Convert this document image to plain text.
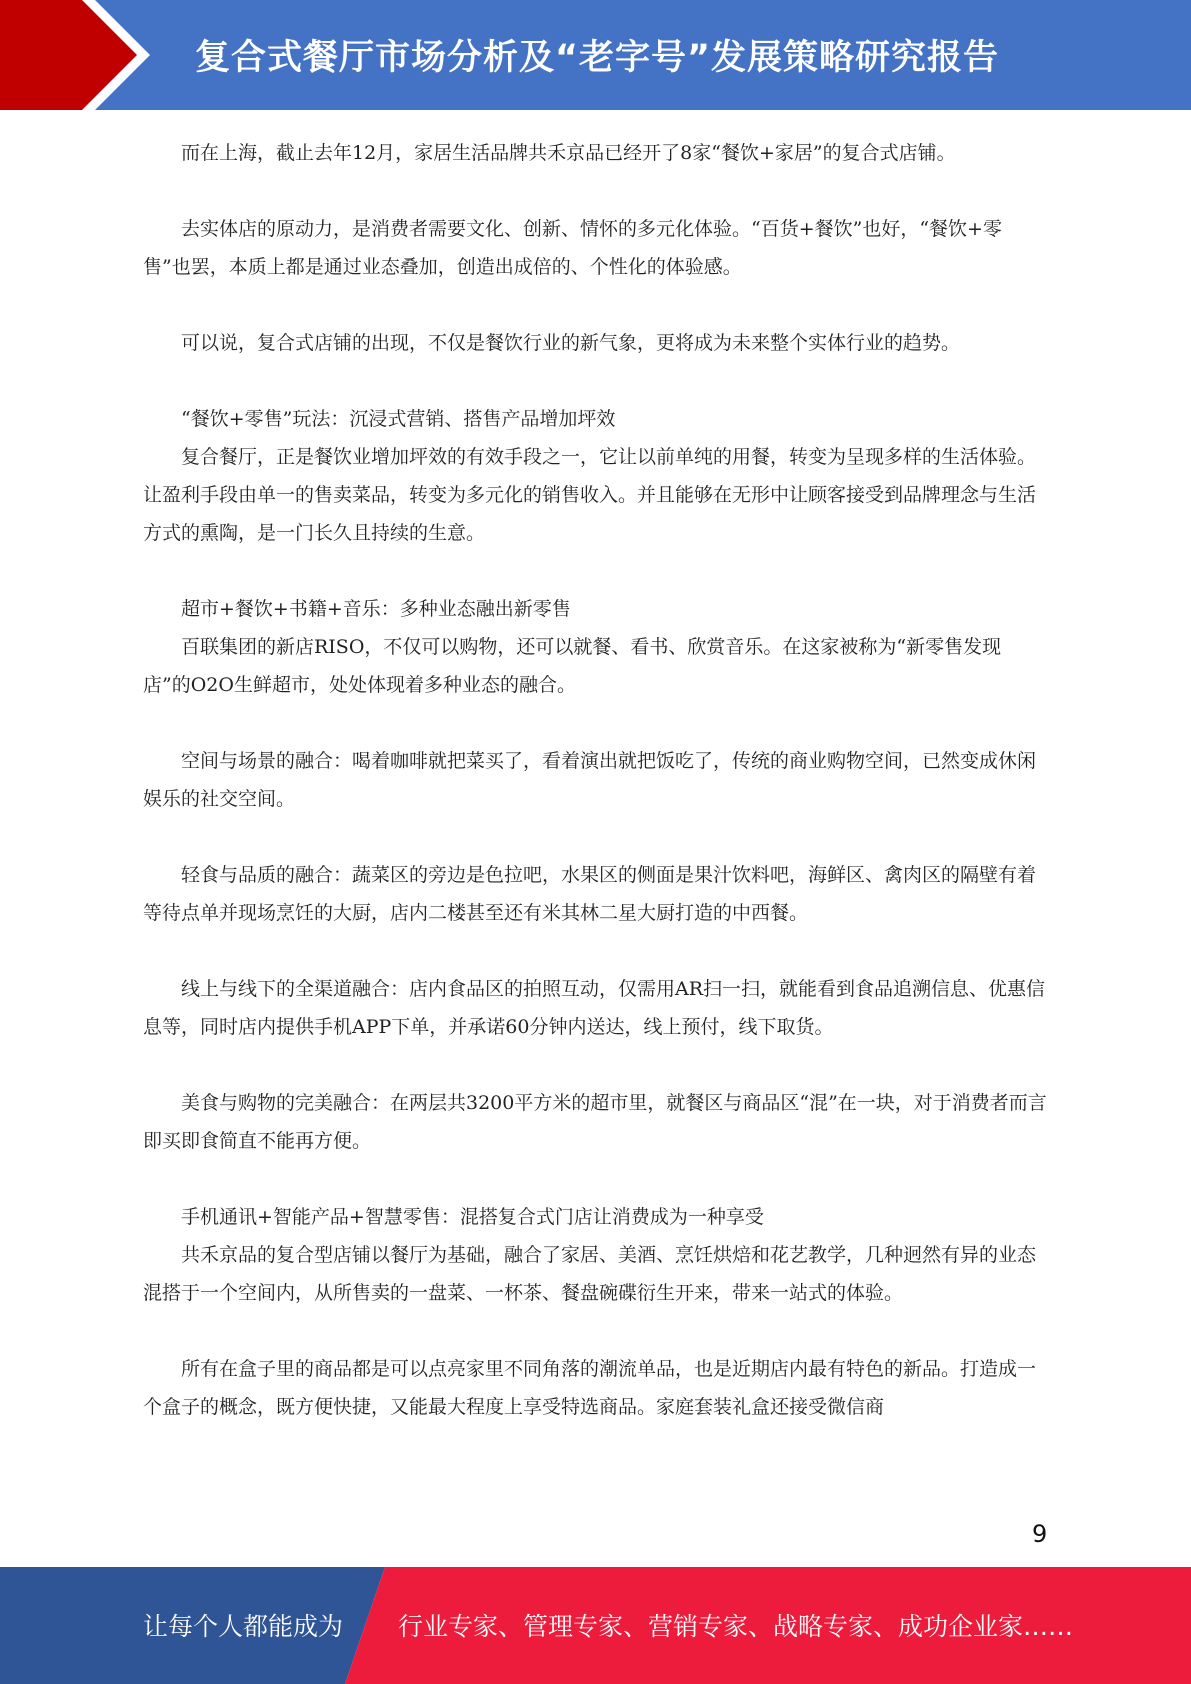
复合式餐厅市场分析及“老字号”发展策略研究报告

而在上海，截止去年12月，家居生活品牌共禾京品已经开了8家“餐饮+家居”的复合式店铺。

去实体店的原动力，是消费者需要文化、创新、情怀的多元化体验。“百货+餐饮”也好，“餐饮+零售”也罢，本质上都是通过业态叠加，创造出成倍的、个性化的体验感。

可以说，复合式店铺的出现，不仅是餐饮行业的新气象，更将成为未来整个实体行业的趋势。

“餐饮+零售”玩法：沉浸式营销、搭售产品增加坪效

复合餐厅，正是餐饮业增加坪效的有效手段之一，它让以前单纯的用餐，转变为呈现多样的生活体验。让盈利手段由单一的售卖菜品，转变为多元化的销售收入。并且能够在无形中让顾客接受到品牌理念与生活方式的熏陶，是一门长久且持续的生意。

超市+餐饮+书籍+音乐：多种业态融出新零售

百联集团的新店RISO，不仅可以购物，还可以就餐、看书、欣赏音乐。在这家被称为“新零售发现店”的O2O生鲜超市，处处体现着多种业态的融合。

空间与场景的融合：喝着咖啡就把菜买了，看着演出就把饭吃了，传统的商业购物空间，已然变成休闲娱乐的社交空间。

轻食与品质的融合：蔬菜区的旁边是色拉吧，水果区的侧面是果汁饮料吧，海鲜区、禽肉区的隔壁有着等待点单并现场烹饪的大厨，店内二楼甚至还有米其林二星大厨打造的中西餐。

线上与线下的全渠道融合：店内食品区的拍照互动，仅需用AR扫一扫，就能看到食品追溯信息、优惠信息等，同时店内提供手机APP下单，并承诺60分钟内送达，线上预付，线下取货。

美食与购物的完美融合：在两层共3200平方米的超市里，就餐区与商品区“混”在一块，对于消费者而言即买即食简直不能再方便。

手机通讯+智能产品+智慧零售：混搭复合式门店让消费成为一种享受

共禾京品的复合型店铺以餐厅为基础，融合了家居、美酒、烹饪烘焙和花艺教学，几种迥然有异的业态混搭于一个空间内，从所售卖的一盘菜、一杯茶、餐盘碗碟衍生开来，带来一站式的体验。

所有在盒子里的商品都是可以点亮家里不同角落的潮流单品，也是近期店内最有特色的新品。打造成一个盒子的概念，既方便快捷，又能最大程度上享受特选商品。家庭套装礼盒还接受微信商

9
让每个人都能成为 行业专家、管理专家、营销专家、战略专家、成功企业家……
